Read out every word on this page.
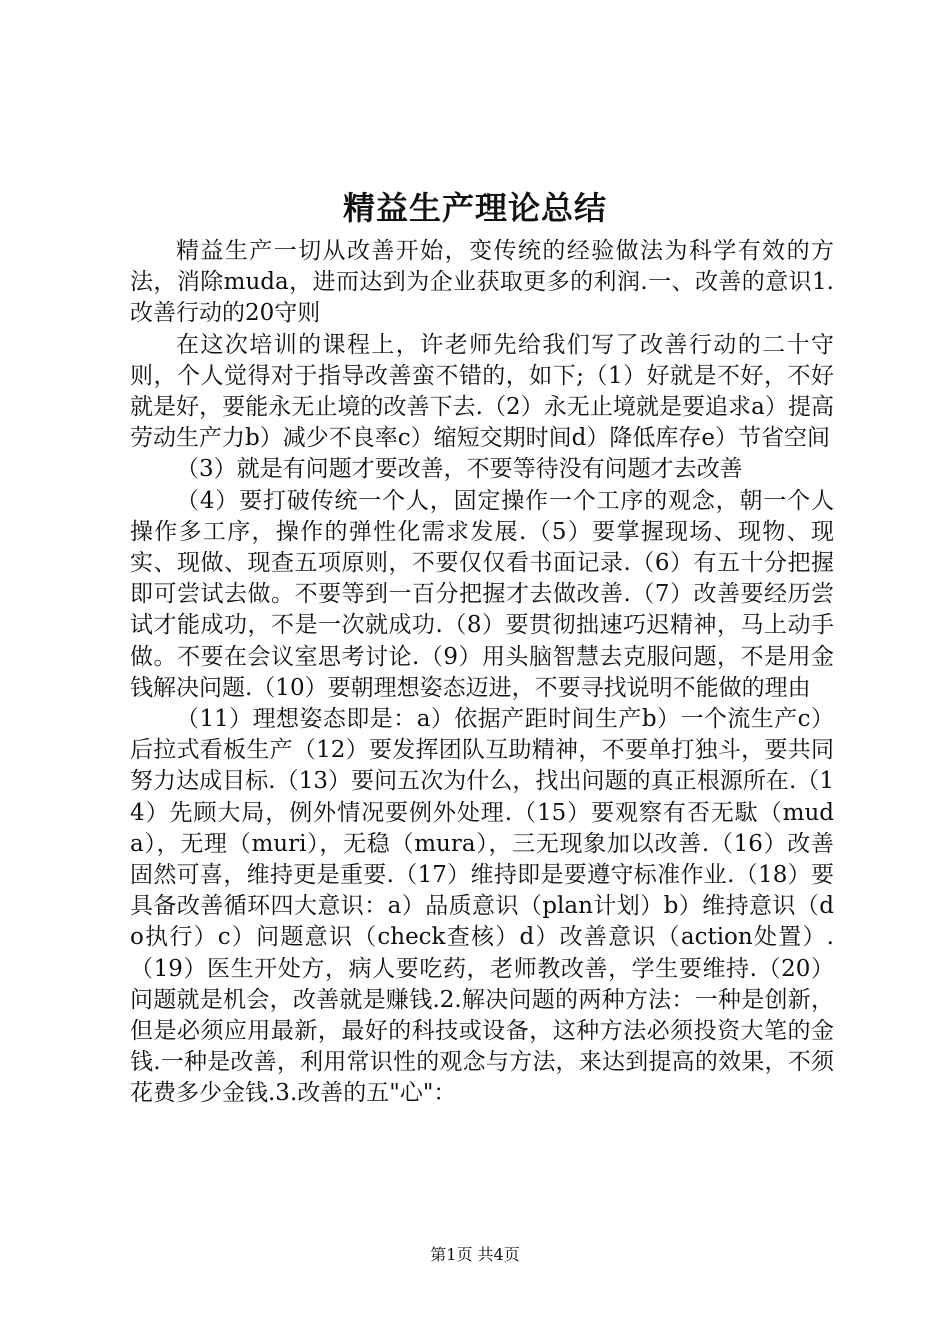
精益生产理论总结

精益生产一切从改善开始，变传统的经验做法为科学有效的方法，消除muda，进而达到为企业获取更多的利润.一、改善的意识1.改善行动的20守则

在这次培训的课程上，许老师先给我们写了改善行动的二十守则，个人觉得对于指导改善蛮不错的，如下;（1）好就是不好，不好就是好，要能永无止境的改善下去.（2）永无止境就是要追求a）提高劳动生产力b）减少不良率c）缩短交期时间d）降低库存e）节省空间

（3）就是有问题才要改善，不要等待没有问题才去改善

（4）要打破传统一个人，固定操作一个工序的观念，朝一个人操作多工序，操作的弹性化需求发展.（5）要掌握现场、现物、现实、现做、现查五项原则，不要仅仅看书面记录.（6）有五十分把握即可尝试去做。不要等到一百分把握才去做改善.（7）改善要经历尝试才能成功，不是一次就成功.（8）要贯彻拙速巧迟精神，马上动手做。不要在会议室思考讨论.（9）用头脑智慧去克服问题，不是用金钱解决问题.（10）要朝理想姿态迈进，不要寻找说明不能做的理由

（11）理想姿态即是：a）依据产距时间生产b）一个流生产c）后拉式看板生产（12）要发挥团队互助精神，不要单打独斗，要共同努力达成目标.（13）要问五次为什么，找出问题的真正根源所在.（14）先顾大局，例外情况要例外处理.（15）要观察有否无駄（muda），无理（muri），无稳（mura），三无现象加以改善.（16）改善固然可喜，维持更是重要.（17）维持即是要遵守标准作业.（18）要具备改善循环四大意识：a）品质意识（plan计划）b）维持意识（do执行）c）问题意识（check查核）d）改善意识（action处置）.（19）医生开处方，病人要吃药，老师教改善，学生要维持.（20）问题就是机会，改善就是赚钱.2.解决问题的两种方法：一种是创新，但是必须应用最新，最好的科技或设备，这种方法必须投资大笔的金钱.一种是改善，利用常识性的观念与方法，来达到提高的效果，不须花费多少金钱.3.改善的五"心"：

第1页 共4页
